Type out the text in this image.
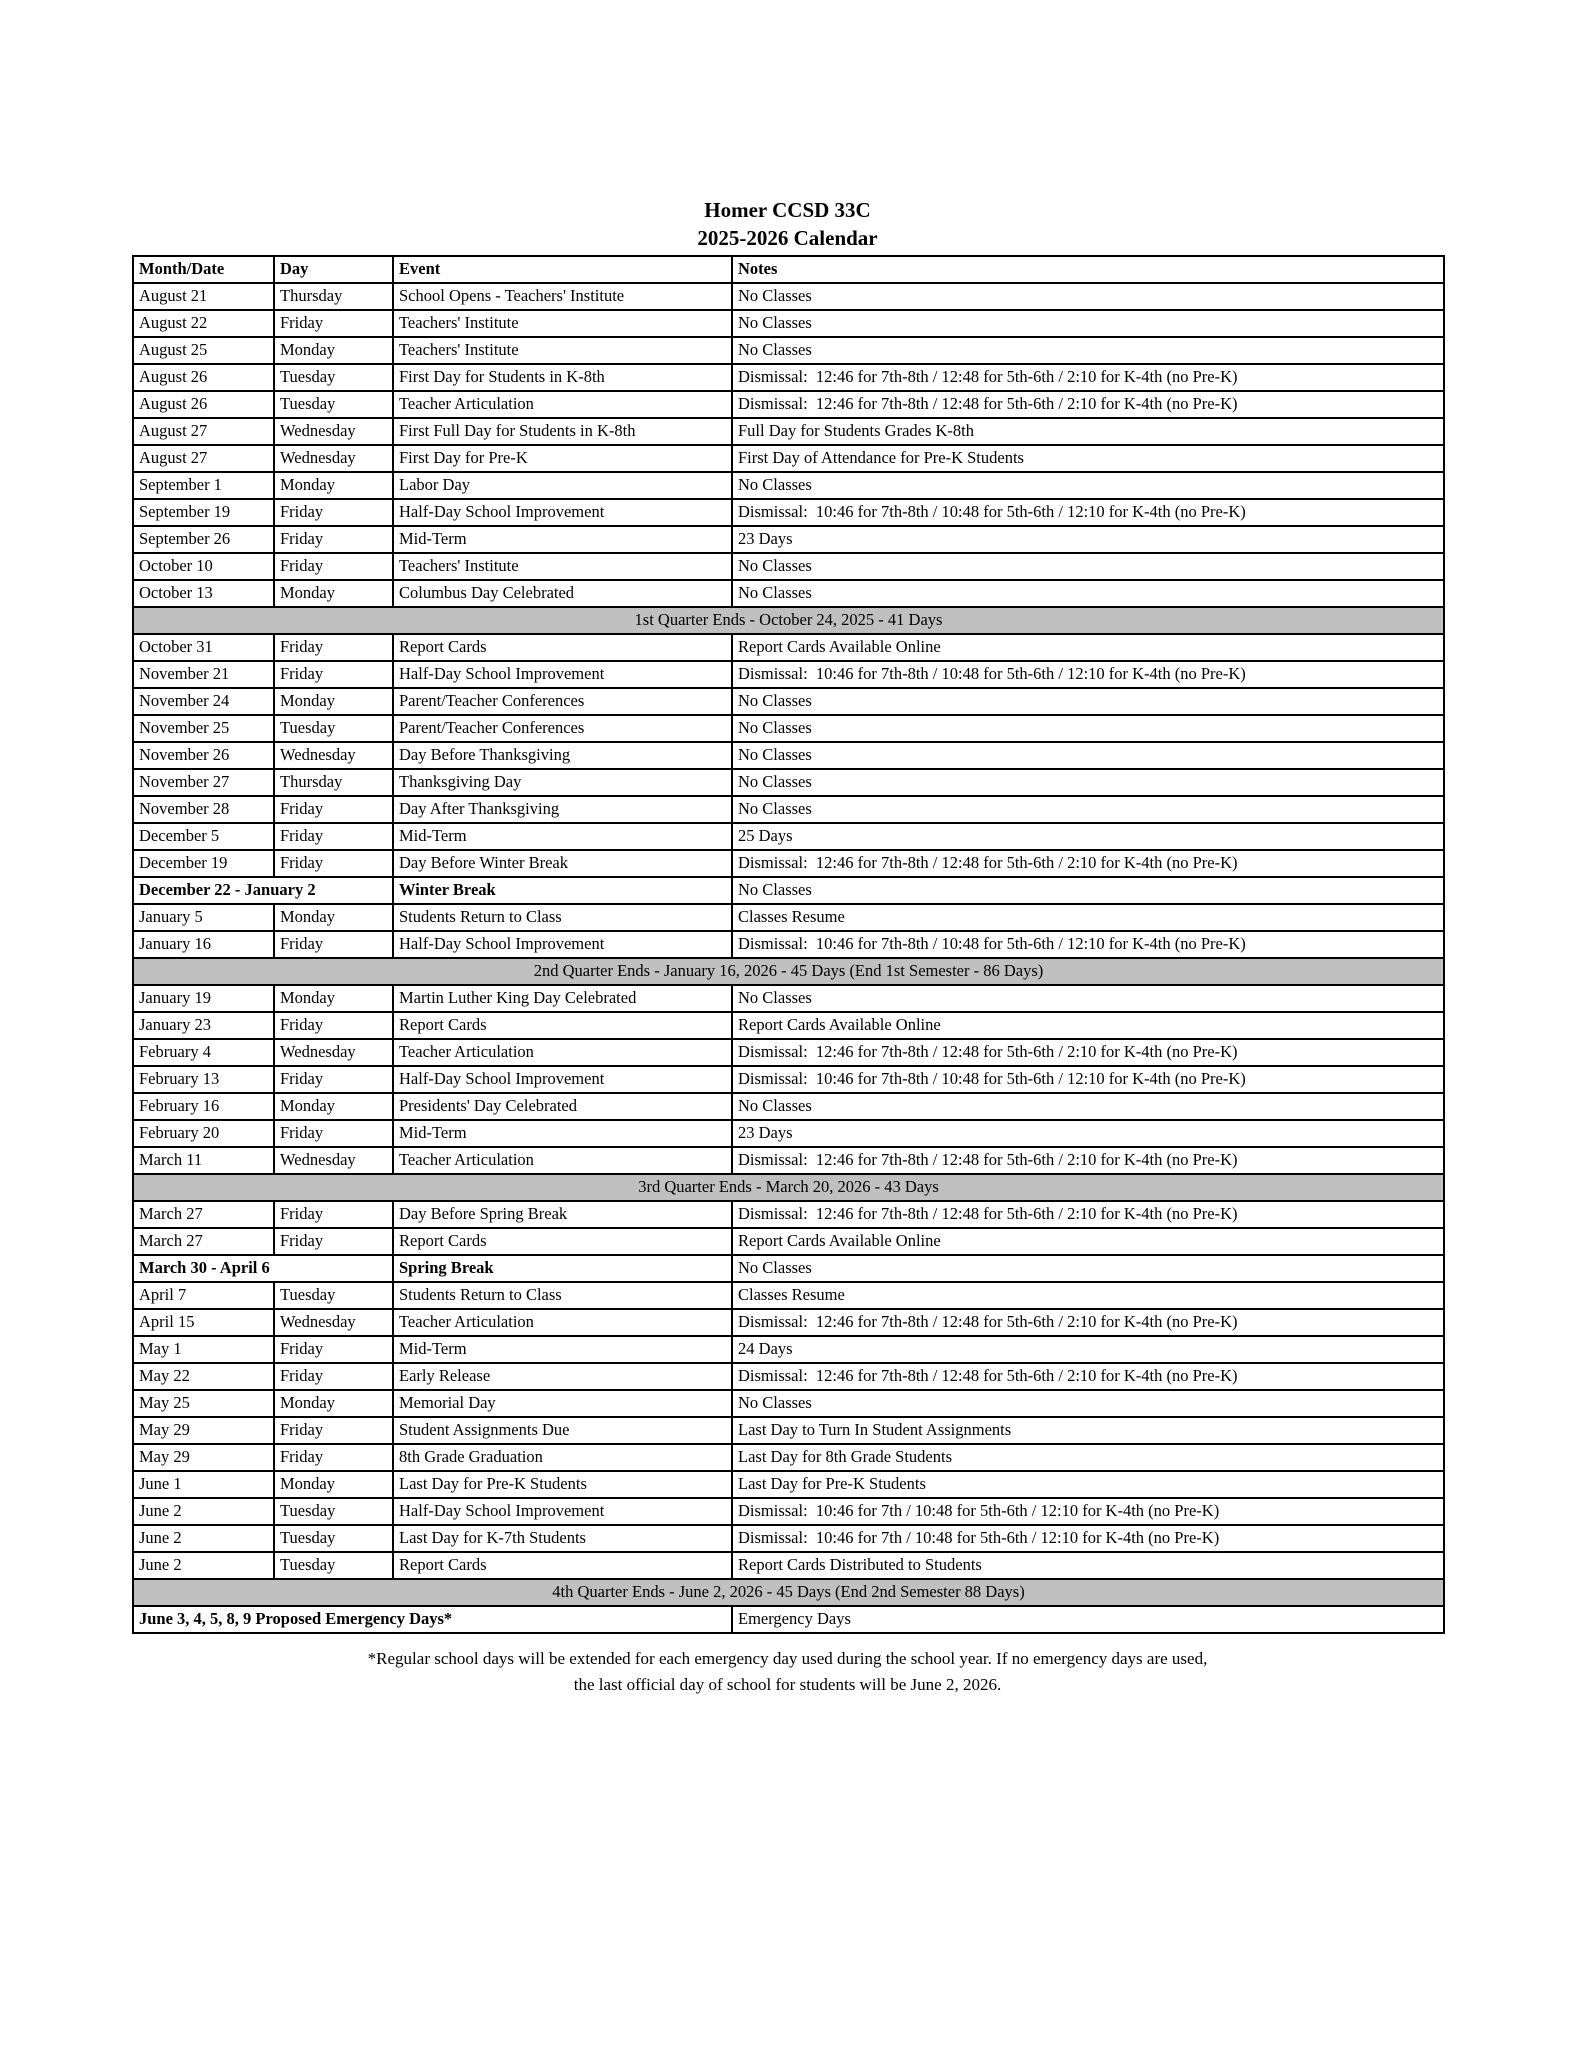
Homer CCSD 33C
2025-2026 Calendar
Month/Date	Day	Event	Notes
August 21	Thursday	School Opens - Teachers' Institute	No Classes
August 22	Friday	Teachers' Institute	No Classes
August 25	Monday	Teachers' Institute	No Classes
August 26	Tuesday	First Day for Students in K-8th	Dismissal:  12:46 for 7th-8th / 12:48 for 5th-6th / 2:10 for K-4th (no Pre-K)
August 26	Tuesday	Teacher Articulation	Dismissal:  12:46 for 7th-8th / 12:48 for 5th-6th / 2:10 for K-4th (no Pre-K)
August 27	Wednesday	First Full Day for Students in K-8th	Full Day for Students Grades K-8th
August 27	Wednesday	First Day for Pre-K	First Day of Attendance for Pre-K Students
September 1	Monday	Labor Day	No Classes
September 19	Friday	Half-Day School Improvement	Dismissal:  10:46 for 7th-8th / 10:48 for 5th-6th / 12:10 for K-4th (no Pre-K)
September 26	Friday	Mid-Term	23 Days
October 10	Friday	Teachers' Institute	No Classes
October 13	Monday	Columbus Day Celebrated	No Classes
1st Quarter Ends - October 24, 2025 - 41 Days			
October 31	Friday	Report Cards	Report Cards Available Online
November 21	Friday	Half-Day School Improvement	Dismissal:  10:46 for 7th-8th / 10:48 for 5th-6th / 12:10 for K-4th (no Pre-K)
November 24	Monday	Parent/Teacher Conferences	No Classes
November 25	Tuesday	Parent/Teacher Conferences	No Classes
November 26	Wednesday	Day Before Thanksgiving	No Classes
November 27	Thursday	Thanksgiving Day	No Classes
November 28	Friday	Day After Thanksgiving	No Classes
December 5	Friday	Mid-Term	25 Days
December 19	Friday	Day Before Winter Break	Dismissal:  12:46 for 7th-8th / 12:48 for 5th-6th / 2:10 for K-4th (no Pre-K)
December 22 - January 2		Winter Break	No Classes
January 5	Monday	Students Return to Class	Classes Resume
January 16	Friday	Half-Day School Improvement	Dismissal:  10:46 for 7th-8th / 10:48 for 5th-6th / 12:10 for K-4th (no Pre-K)
2nd Quarter Ends - January 16, 2026 - 45 Days (End 1st Semester - 86 Days)			
January 19	Monday	Martin Luther King Day Celebrated	No Classes
January 23	Friday	Report Cards	Report Cards Available Online
February 4	Wednesday	Teacher Articulation	Dismissal:  12:46 for 7th-8th / 12:48 for 5th-6th / 2:10 for K-4th (no Pre-K)
February 13	Friday	Half-Day School Improvement	Dismissal:  10:46 for 7th-8th / 10:48 for 5th-6th / 12:10 for K-4th (no Pre-K)
February 16	Monday	Presidents' Day Celebrated	No Classes
February 20	Friday	Mid-Term	23 Days
March 11	Wednesday	Teacher Articulation	Dismissal:  12:46 for 7th-8th / 12:48 for 5th-6th / 2:10 for K-4th (no Pre-K)
3rd Quarter Ends - March 20, 2026 - 43 Days			
March 27	Friday	Day Before Spring Break	Dismissal:  12:46 for 7th-8th / 12:48 for 5th-6th / 2:10 for K-4th (no Pre-K)
March 27	Friday	Report Cards	Report Cards Available Online
March 30 - April 6		Spring Break	No Classes
April 7	Tuesday	Students Return to Class	Classes Resume
April 15	Wednesday	Teacher Articulation	Dismissal:  12:46 for 7th-8th / 12:48 for 5th-6th / 2:10 for K-4th (no Pre-K)
May 1	Friday	Mid-Term	24 Days
May 22	Friday	Early Release	Dismissal:  12:46 for 7th-8th / 12:48 for 5th-6th / 2:10 for K-4th (no Pre-K)
May 25	Monday	Memorial Day	No Classes
May 29	Friday	Student Assignments Due	Last Day to Turn In Student Assignments
May 29	Friday	8th Grade Graduation	Last Day for 8th Grade Students
June 1	Monday	Last Day for Pre-K Students	Last Day for Pre-K Students
June 2	Tuesday	Half-Day School Improvement	Dismissal:  10:46 for 7th / 10:48 for 5th-6th / 12:10 for K-4th (no Pre-K)
June 2	Tuesday	Last Day for K-7th Students	Dismissal:  10:46 for 7th / 10:48 for 5th-6th / 12:10 for K-4th (no Pre-K)
June 2	Tuesday	Report Cards	Report Cards Distributed to Students
4th Quarter Ends - June 2, 2026 - 45 Days (End 2nd Semester 88 Days)			
June 3, 4, 5, 8, 9 Proposed Emergency Days*			Emergency Days
*Regular school days will be extended for each emergency day used during the school year. If no emergency days are used,
the last official day of school for students will be June 2, 2026.
